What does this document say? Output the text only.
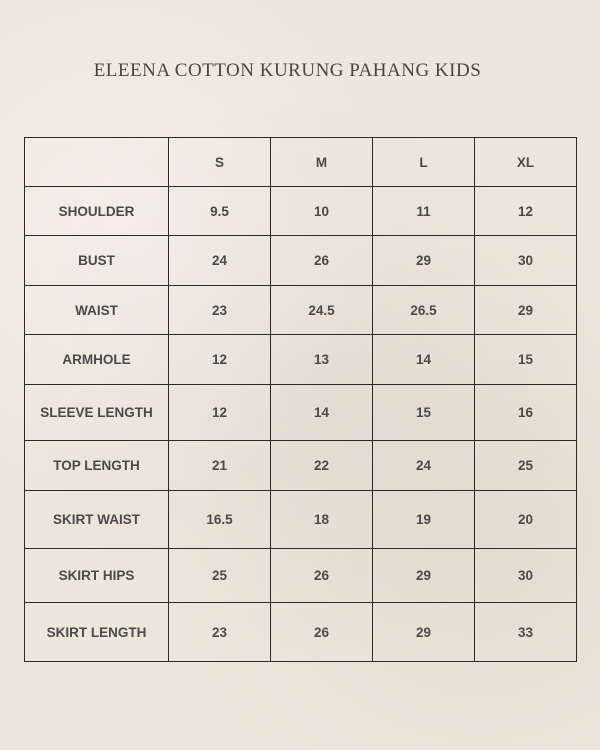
ELEENA COTTON KURUNG PAHANG KIDS
	S	M	L	XL
SHOULDER	9.5	10	11	12
BUST	24	26	29	30
WAIST	23	24.5	26.5	29
ARMHOLE	12	13	14	15
SLEEVE LENGTH	12	14	15	16
TOP LENGTH	21	22	24	25
SKIRT WAIST	16.5	18	19	20
SKIRT HIPS	25	26	29	30
SKIRT LENGTH	23	26	29	33
